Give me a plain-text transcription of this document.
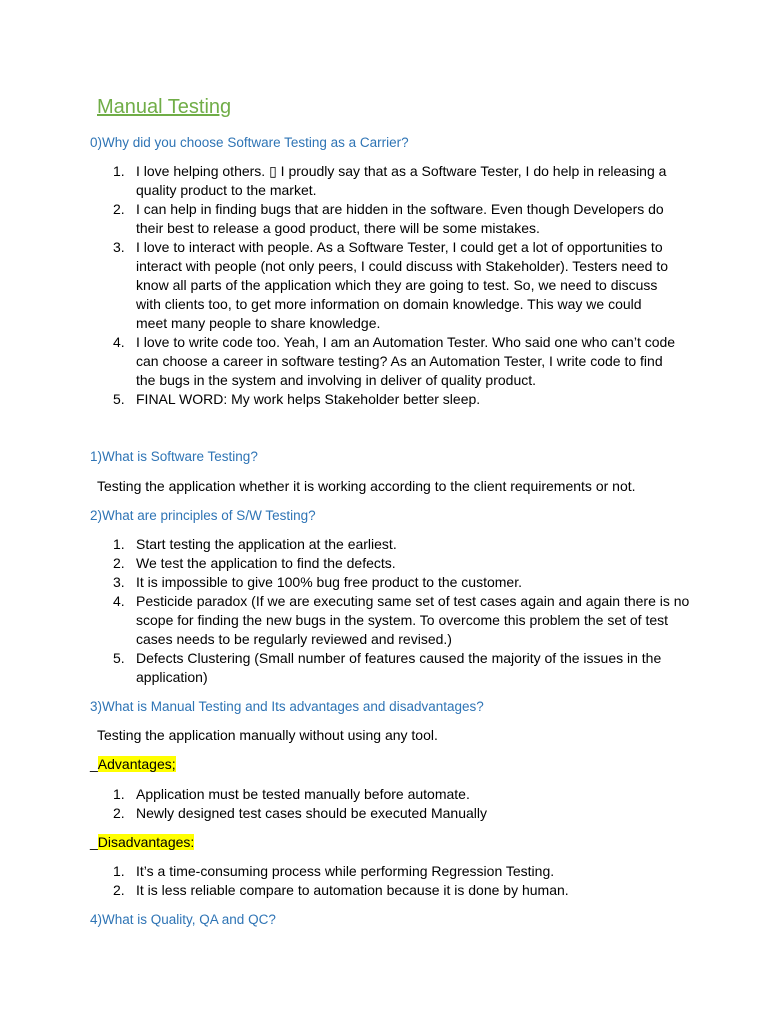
Manual Testing
0)Why did you choose Software Testing as a Carrier?
1. I love helping others. ▯ I proudly say that as a Software Tester, I do help in releasing a
quality product to the market.
2. I can help in finding bugs that are hidden in the software. Even though Developers do
their best to release a good product, there will be some mistakes.
3. I love to interact with people. As a Software Tester, I could get a lot of opportunities to
interact with people (not only peers, I could discuss with Stakeholder). Testers need to
know all parts of the application which they are going to test. So, we need to discuss
with clients too, to get more information on domain knowledge. This way we could
meet many people to share knowledge.
4. I love to write code too. Yeah, I am an Automation Tester. Who said one who can’t code
can choose a career in software testing? As an Automation Tester, I write code to find
the bugs in the system and involving in deliver of quality product.
5. FINAL WORD: My work helps Stakeholder better sleep.
1)What is Software Testing?

Testing the application whether it is working according to the client requirements or not.

2)What are principles of S/W Testing?
1. Start testing the application at the earliest.
2. We test the application to find the defects.
3. It is impossible to give 100% bug free product to the customer.
4. Pesticide paradox (If we are executing same set of test cases again and again there is no
scope for finding the new bugs in the system. To overcome this problem the set of test
cases needs to be regularly reviewed and revised.)
5. Defects Clustering (Small number of features caused the majority of the issues in the
application)
3)What is Manual Testing and Its advantages and disadvantages?

Testing the application manually without using any tool.

_Advantages;

1. Application must be tested manually before automate.
2. Newly designed test cases should be executed Manually

_Disadvantages:

1. It’s a time-consuming process while performing Regression Testing.
2. It is less reliable compare to automation because it is done by human.
4)What is Quality, QA and QC?
